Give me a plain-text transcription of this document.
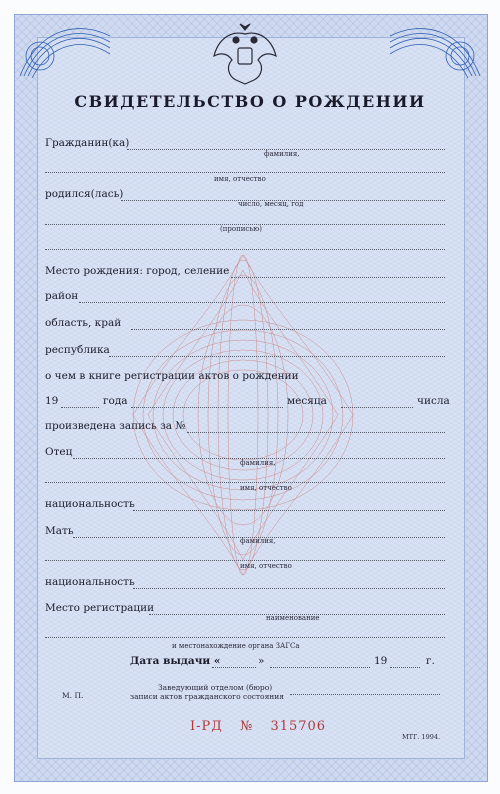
СВИДЕТЕЛЬСТВО О РОЖДЕНИИ
Гражданин(ка)
фамилия,
имя, отчество
родился(лась)
число, месяц, год
(прописью)
Место рождения: город, селение
район
область, край
республика
о чем в книге регистрации актов о рождении
19	года	месяца	числа
произведена запись за №
Отец
фамилия,
имя, отчество
национальность
Мать
фамилия,
имя, отчество
национальность
Место регистрации
наименование
и местонахождение органа ЗАГСа
Дата выдачи «	»	19	г.
Заведующий отделом (бюро)
М. П.	записи актов гражданского состояния
I-РД № 315706
МТГ. 1994.
